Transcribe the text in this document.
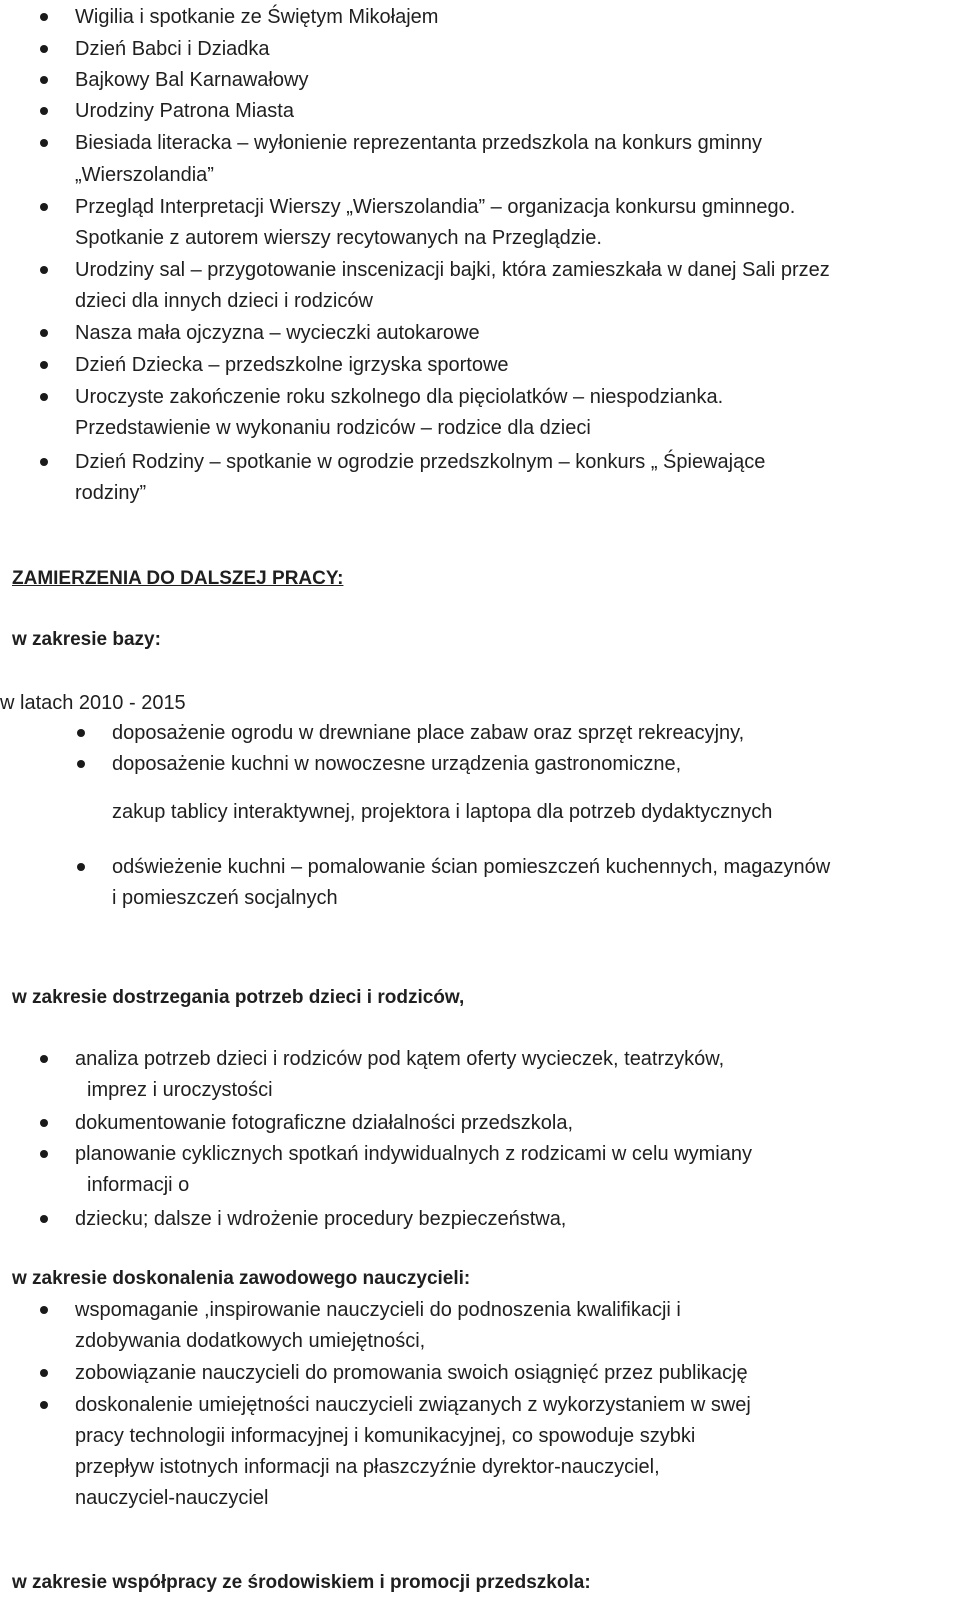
Wigilia i spotkanie ze Świętym Mikołajem
Dzień Babci i Dziadka
Bajkowy Bal Karnawałowy
Urodziny Patrona Miasta
Biesiada literacka – wyłonienie reprezentanta przedszkola na konkurs gminny
„Wierszolandia”
Przegląd Interpretacji Wierszy „Wierszolandia” – organizacja konkursu gminnego.
Spotkanie z autorem wierszy recytowanych na Przeglądzie.
Urodziny sal – przygotowanie inscenizacji bajki, która zamieszkała w danej Sali przez
dzieci dla innych dzieci i rodziców
Nasza mała ojczyzna – wycieczki autokarowe
Dzień Dziecka – przedszkolne igrzyska sportowe
Uroczyste zakończenie roku szkolnego dla pięciolatków – niespodzianka.
Przedstawienie w wykonaniu rodziców – rodzice dla dzieci
Dzień Rodziny – spotkanie w ogrodzie przedszkolnym – konkurs „ Śpiewające
rodziny”
ZAMIERZENIA DO DALSZEJ PRACY:
w zakresie bazy:
w latach 2010 - 2015
doposażenie ogrodu w drewniane place zabaw oraz sprzęt rekreacyjny,
doposażenie kuchni w nowoczesne urządzenia gastronomiczne,
zakup tablicy interaktywnej, projektora i laptopa dla potrzeb dydaktycznych
odświeżenie kuchni – pomalowanie ścian pomieszczeń kuchennych, magazynów
i pomieszczeń socjalnych
w zakresie dostrzegania potrzeb dzieci i rodziców,
analiza potrzeb dzieci i rodziców pod kątem oferty wycieczek, teatrzyków,
imprez i uroczystości
dokumentowanie fotograficzne działalności przedszkola,
planowanie cyklicznych spotkań indywidualnych z rodzicami w celu wymiany
informacji o
dziecku; dalsze i wdrożenie procedury bezpieczeństwa,
w zakresie doskonalenia zawodowego nauczycieli:
wspomaganie ,inspirowanie nauczycieli do podnoszenia kwalifikacji i
zdobywania dodatkowych umiejętności,
zobowiązanie nauczycieli do promowania swoich osiągnięć przez publikację
doskonalenie umiejętności nauczycieli związanych z wykorzystaniem w swej
pracy technologii informacyjnej i komunikacyjnej, co spowoduje szybki
przepływ istotnych informacji na płaszczyźnie dyrektor-nauczyciel,
nauczyciel-nauczyciel
w zakresie współpracy ze środowiskiem i promocji przedszkola:
